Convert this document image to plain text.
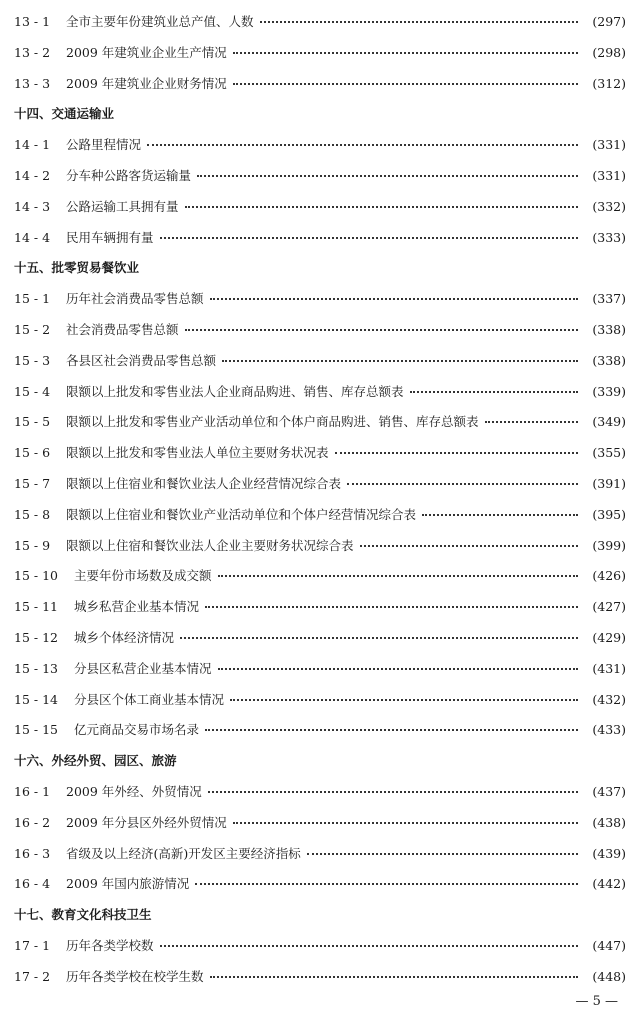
13 - 1 全市主要年份建筑业总产值、人数	(297)
13 - 2 2009 年建筑业企业生产情况	(298)
13 - 3 2009 年建筑业企业财务情况	(312)
十四、交通运输业
14 - 1 公路里程情况	(331)
14 - 2 分车种公路客货运输量	(331)
14 - 3 公路运输工具拥有量	(332)
14 - 4 民用车辆拥有量	(333)
十五、批零贸易餐饮业
15 - 1 历年社会消费品零售总额	(337)
15 - 2 社会消费品零售总额	(338)
15 - 3 各县区社会消费品零售总额	(338)
15 - 4 限额以上批发和零售业法人企业商品购进、销售、库存总额表	(339)
15 - 5 限额以上批发和零售业产业活动单位和个体户商品购进、销售、库存总额表	(349)
15 - 6 限额以上批发和零售业法人单位主要财务状况表	(355)
15 - 7 限额以上住宿业和餐饮业法人企业经营情况综合表	(391)
15 - 8 限额以上住宿业和餐饮业产业活动单位和个体户经营情况综合表	(395)
15 - 9 限额以上住宿和餐饮业法人企业主要财务状况综合表	(399)
15 - 10 主要年份市场数及成交额	(426)
15 - 11 城乡私营企业基本情况	(427)
15 - 12 城乡个体经济情况	(429)
15 - 13 分县区私营企业基本情况	(431)
15 - 14 分县区个体工商业基本情况	(432)
15 - 15 亿元商品交易市场名录	(433)
十六、外经外贸、园区、旅游
16 - 1 2009 年外经、外贸情况	(437)
16 - 2 2009 年分县区外经外贸情况	(438)
16 - 3 省级及以上经济(高新)开发区主要经济指标	(439)
16 - 4 2009 年国内旅游情况	(442)
十七、教育文化科技卫生
17 - 1 历年各类学校数	(447)
17 - 2 历年各类学校在校学生数	(448)
— 5 —
